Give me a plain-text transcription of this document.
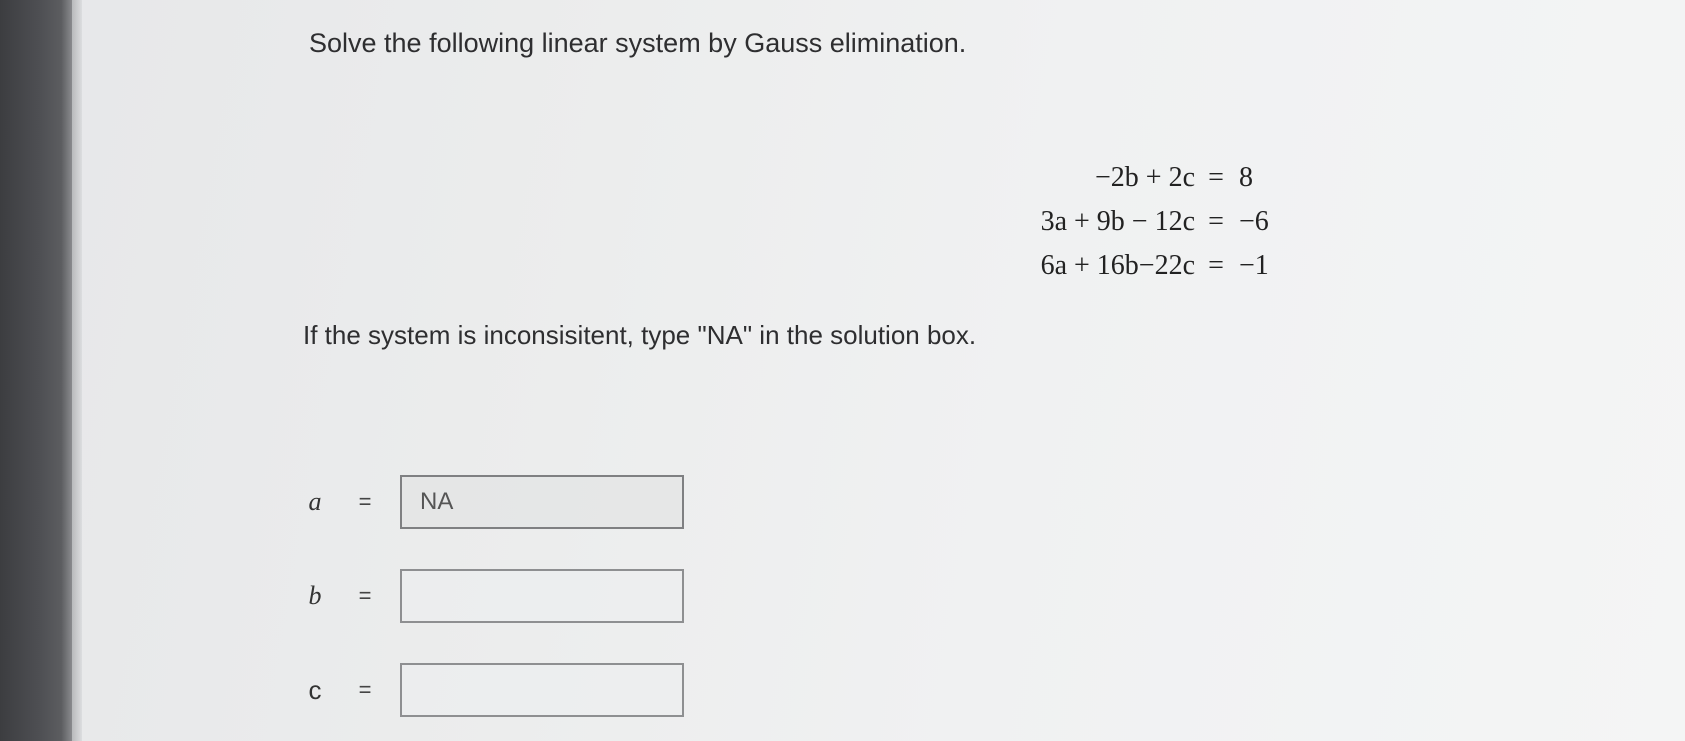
Solve the following linear system by Gauss elimination.
−2b + 2c = 8
3a + 9b − 12c = −6
6a + 16b−22c = −1

If the system is inconsisitent, type "NA" in the solution box.

a	=
NA
b	=
c	=
